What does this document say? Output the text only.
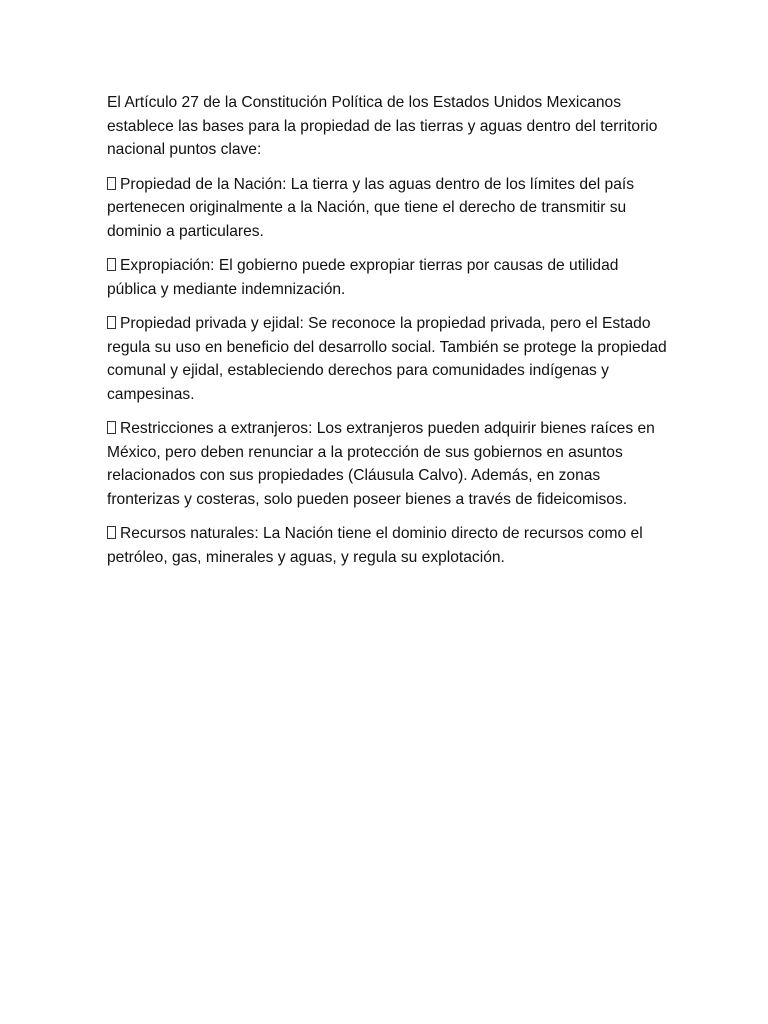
El Artículo 27 de la Constitución Política de los Estados Unidos Mexicanos establece las bases para la propiedad de las tierras y aguas dentro del territorio nacional puntos clave:

Propiedad de la Nación: La tierra y las aguas dentro de los límites del país pertenecen originalmente a la Nación, que tiene el derecho de transmitir su dominio a particulares.

Expropiación: El gobierno puede expropiar tierras por causas de utilidad pública y mediante indemnización.

Propiedad privada y ejidal: Se reconoce la propiedad privada, pero el Estado regula su uso en beneficio del desarrollo social. También se protege la propiedad comunal y ejidal, estableciendo derechos para comunidades indígenas y campesinas.

Restricciones a extranjeros: Los extranjeros pueden adquirir bienes raíces en México, pero deben renunciar a la protección de sus gobiernos en asuntos relacionados con sus propiedades (Cláusula Calvo). Además, en zonas fronterizas y costeras, solo pueden poseer bienes a través de fideicomisos.

Recursos naturales: La Nación tiene el dominio directo de recursos como el petróleo, gas, minerales y aguas, y regula su explotación.
